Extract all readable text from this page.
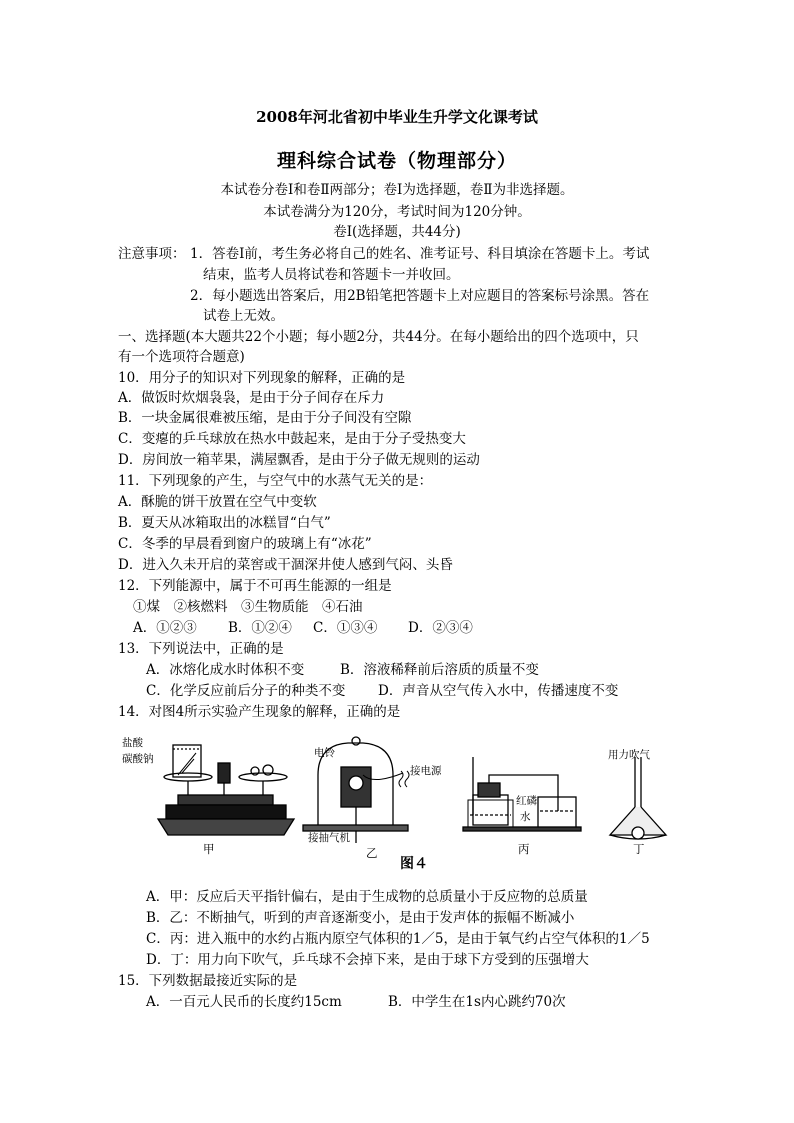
2008年河北省初中毕业生升学文化课考试
理科综合试卷（物理部分）
本试卷分卷Ⅰ和卷Ⅱ两部分；卷Ⅰ为选择题，卷Ⅱ为非选择题。
本试卷满分为120分，考试时间为120分钟。
卷Ⅰ(选择题，共44分)
注意事项： 1．答卷Ⅰ前，考生务必将自己的姓名、准考证号、科目填涂在答题卡上。考试
结束，监考人员将试卷和答题卡一并收回。
2．每小题选出答案后，用2B铅笔把答题卡上对应题目的答案标号涂黑。答在
试卷上无效。
一、选择题(本大题共22个小题；每小题2分，共44分。在每小题给出的四个选项中，只
有一个选项符合题意)
10．用分子的知识对下列现象的解释，正确的是
A．做饭时炊烟袅袅，是由于分子间存在斥力
B．一块金属很难被压缩，是由于分子间没有空隙
C．变瘪的乒乓球放在热水中鼓起来，是由于分子受热变大
D．房间放一箱苹果，满屋飘香，是由于分子做无规则的运动
11．下列现象的产生，与空气中的水蒸气无关的是：
A．酥脆的饼干放置在空气中变软
B．夏天从冰箱取出的冰糕冒“白气”
C．冬季的早晨看到窗户的玻璃上有“冰花”
D．进入久未开启的菜窖或干涸深井使人感到气闷、头昏
12．下列能源中，属于不可再生能源的一组是
①煤　②核燃料　③生物质能　④石油
A．①②③ B．①②④ C．①③④ D．②③④
13．下列说法中，正确的是
A．冰熔化成水时体积不变	B．溶液稀释前后溶质的质量不变
C．化学反应前后分子的种类不变 D．声音从空气传入水中，传播速度不变
14．对图4所示实验产生现象的解释，正确的是
盐酸
碳酸钠
甲
电铃
接电源
接抽气机
乙
红磷
水
丙
用力吹气
丁
图４
A．甲：反应后天平指针偏右，是由于生成物的总质量小于反应物的总质量
B．乙：不断抽气，听到的声音逐渐变小，是由于发声体的振幅不断减小
C．丙：进入瓶中的水约占瓶内原空气体积的1／5，是由于氧气约占空气体积的1／5
D．丁：用力向下吹气，乒乓球不会掉下来，是由于球下方受到的压强增大
15．下列数据最接近实际的是
A．一百元人民币的长度约15cm	B．中学生在1s内心跳约70次
